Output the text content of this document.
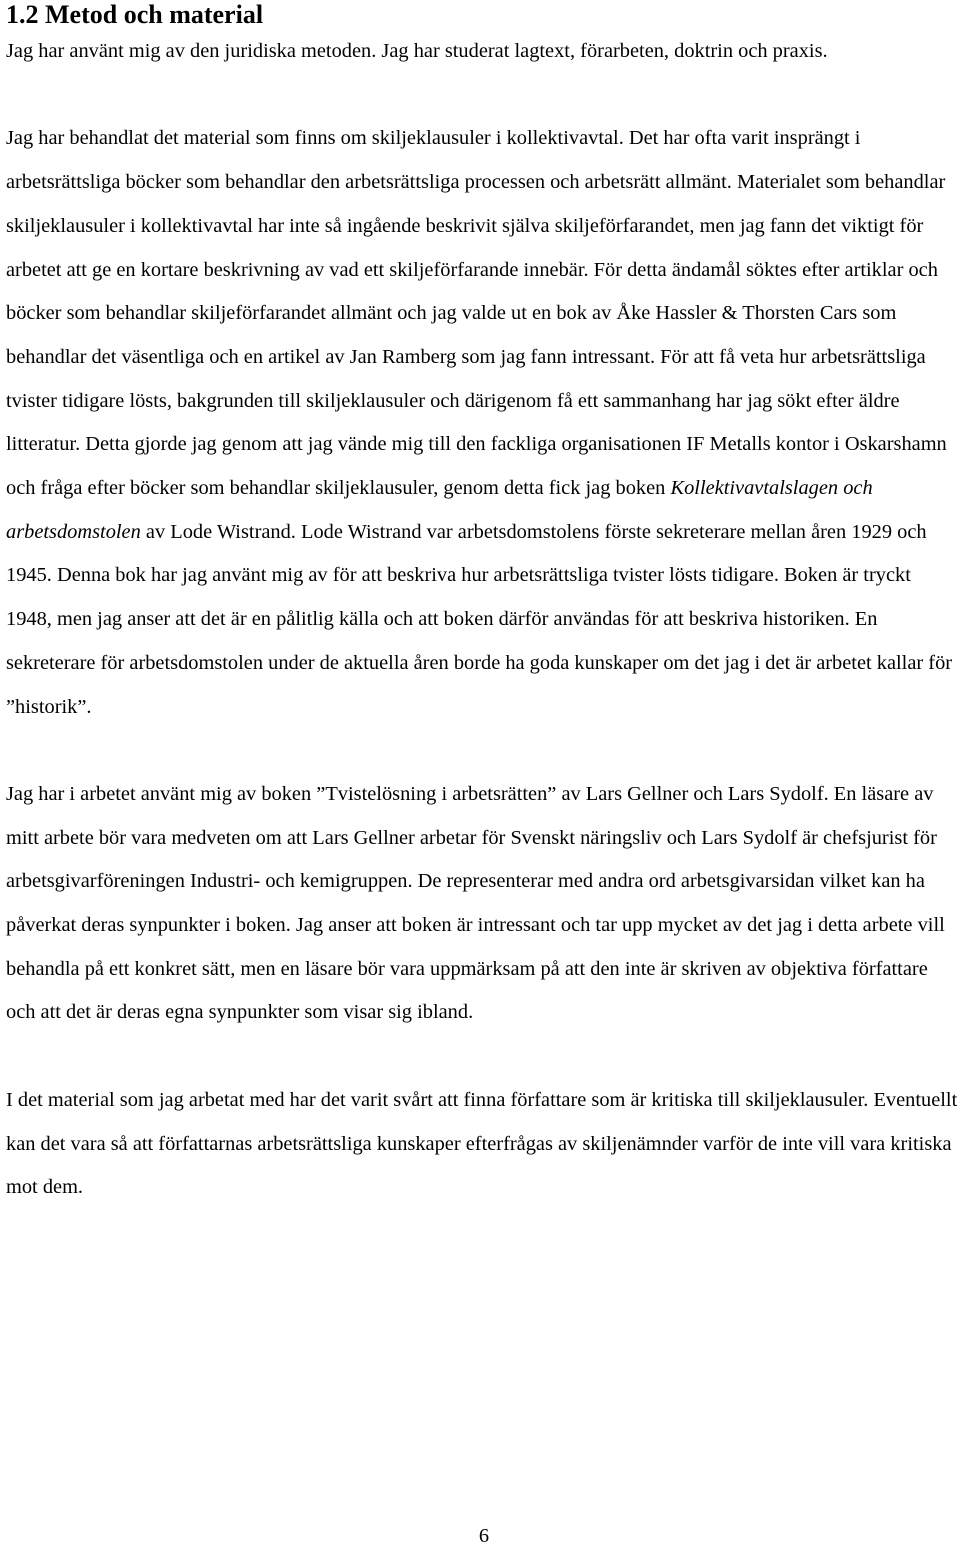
1.2 Metod och material

Jag har använt mig av den juridiska metoden. Jag har studerat lagtext, förarbeten, doktrin och praxis.

Jag har behandlat det material som finns om skiljeklausuler i kollektivavtal. Det har ofta varit insprängt i arbetsrättsliga böcker som behandlar den arbetsrättsliga processen och arbetsrätt allmänt. Materialet som behandlar skiljeklausuler i kollektivavtal har inte så ingående beskrivit själva skiljeförfarandet, men jag fann det viktigt för arbetet att ge en kortare beskrivning av vad ett skiljeförfarande innebär. För detta ändamål söktes efter artiklar och böcker som behandlar skiljeförfarandet allmänt och jag valde ut en bok av Åke Hassler & Thorsten Cars som behandlar det väsentliga och en artikel av Jan Ramberg som jag fann intressant. För att få veta hur arbetsrättsliga tvister tidigare lösts, bakgrunden till skiljeklausuler och därigenom få ett sammanhang har jag sökt efter äldre litteratur. Detta gjorde jag genom att jag vände mig till den fackliga organisationen IF Metalls kontor i Oskarshamn och fråga efter böcker som behandlar skiljeklausuler, genom detta fick jag boken Kollektivavtalslagen och arbetsdomstolen av Lode Wistrand. Lode Wistrand var arbetsdomstolens förste sekreterare mellan åren 1929 och 1945. Denna bok har jag använt mig av för att beskriva hur arbetsrättsliga tvister lösts tidigare. Boken är tryckt 1948, men jag anser att det är en pålitlig källa och att boken därför användas för att beskriva historiken. En sekreterare för arbetsdomstolen under de aktuella åren borde ha goda kunskaper om det jag i det är arbetet kallar för ”historik”.

Jag har i arbetet använt mig av boken ”Tvistelösning i arbetsrätten” av Lars Gellner och Lars Sydolf. En läsare av mitt arbete bör vara medveten om att Lars Gellner arbetar för Svenskt näringsliv och Lars Sydolf är chefsjurist för arbetsgivarföreningen Industri- och kemigruppen. De representerar med andra ord arbetsgivarsidan vilket kan ha påverkat deras synpunkter i boken. Jag anser att boken är intressant och tar upp mycket av det jag i detta arbete vill behandla på ett konkret sätt, men en läsare bör vara uppmärksam på att den inte är skriven av objektiva författare och att det är deras egna synpunkter som visar sig ibland.

I det material som jag arbetat med har det varit svårt att finna författare som är kritiska till skiljeklausuler. Eventuellt kan det vara så att författarnas arbetsrättsliga kunskaper efterfrågas av skiljenämnder varför de inte vill vara kritiska mot dem.

6
